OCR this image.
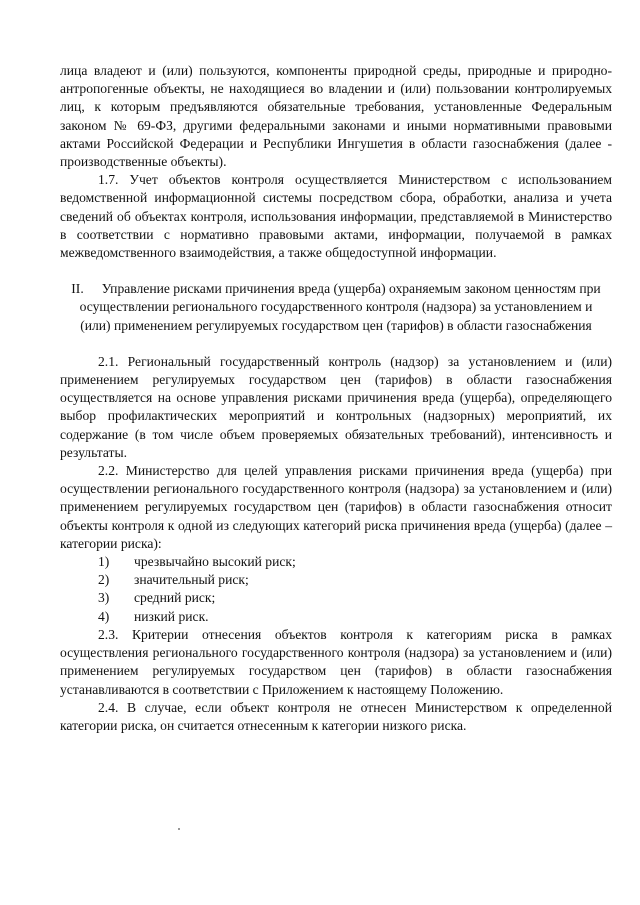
лица владеют и (или) пользуются, компоненты природной среды, природные и природно-антропогенные объекты, не находящиеся во владении и (или) пользовании контролируемых лиц, к которым предъявляются обязательные требования, установленные Федеральным законом № 69-ФЗ, другими федеральными законами и иными нормативными правовыми актами Российской Федерации и Республики Ингушетия в области газоснабжения (далее - производственные объекты).

1.7. Учет объектов контроля осуществляется Министерством с использованием ведомственной информационной системы посредством сбора, обработки, анализа и учета сведений об объектах контроля, использования информации, представляемой в Министерство в соответствии с нормативно правовыми актами, информации, получаемой в рамках межведомственного взаимодействия, а также общедоступной информации.

II. Управление рисками причинения вреда (ущерба) охраняемым законом ценностям при осуществлении регионального государственного контроля (надзора) за установлением и (или) применением регулируемых государством цен (тарифов) в области газоснабжения

2.1. Региональный государственный контроль (надзор) за установлением и (или) применением регулируемых государством цен (тарифов) в области газоснабжения осуществляется на основе управления рисками причинения вреда (ущерба), определяющего выбор профилактических мероприятий и контрольных (надзорных) мероприятий, их содержание (в том числе объем проверяемых обязательных требований), интенсивность и результаты.

2.2. Министерство для целей управления рисками причинения вреда (ущерба) при осуществлении регионального государственного контроля (надзора) за установлением и (или) применением регулируемых государством цен (тарифов) в области газоснабжения относит объекты контроля к одной из следующих категорий риска причинения вреда (ущерба) (далее – категории риска):

1)	чрезвычайно высокий риск;
2)	значительный риск;
3)	средний риск;
4)	низкий риск.

2.3. Критерии отнесения объектов контроля к категориям риска в рамках осуществления регионального государственного контроля (надзора) за установлением и (или) применением регулируемых государством цен (тарифов) в области газоснабжения устанавливаются в соответствии с Приложением к настоящему Положению.

2.4. В случае, если объект контроля не отнесен Министерством к определенной категории риска, он считается отнесенным к категории низкого риска.
